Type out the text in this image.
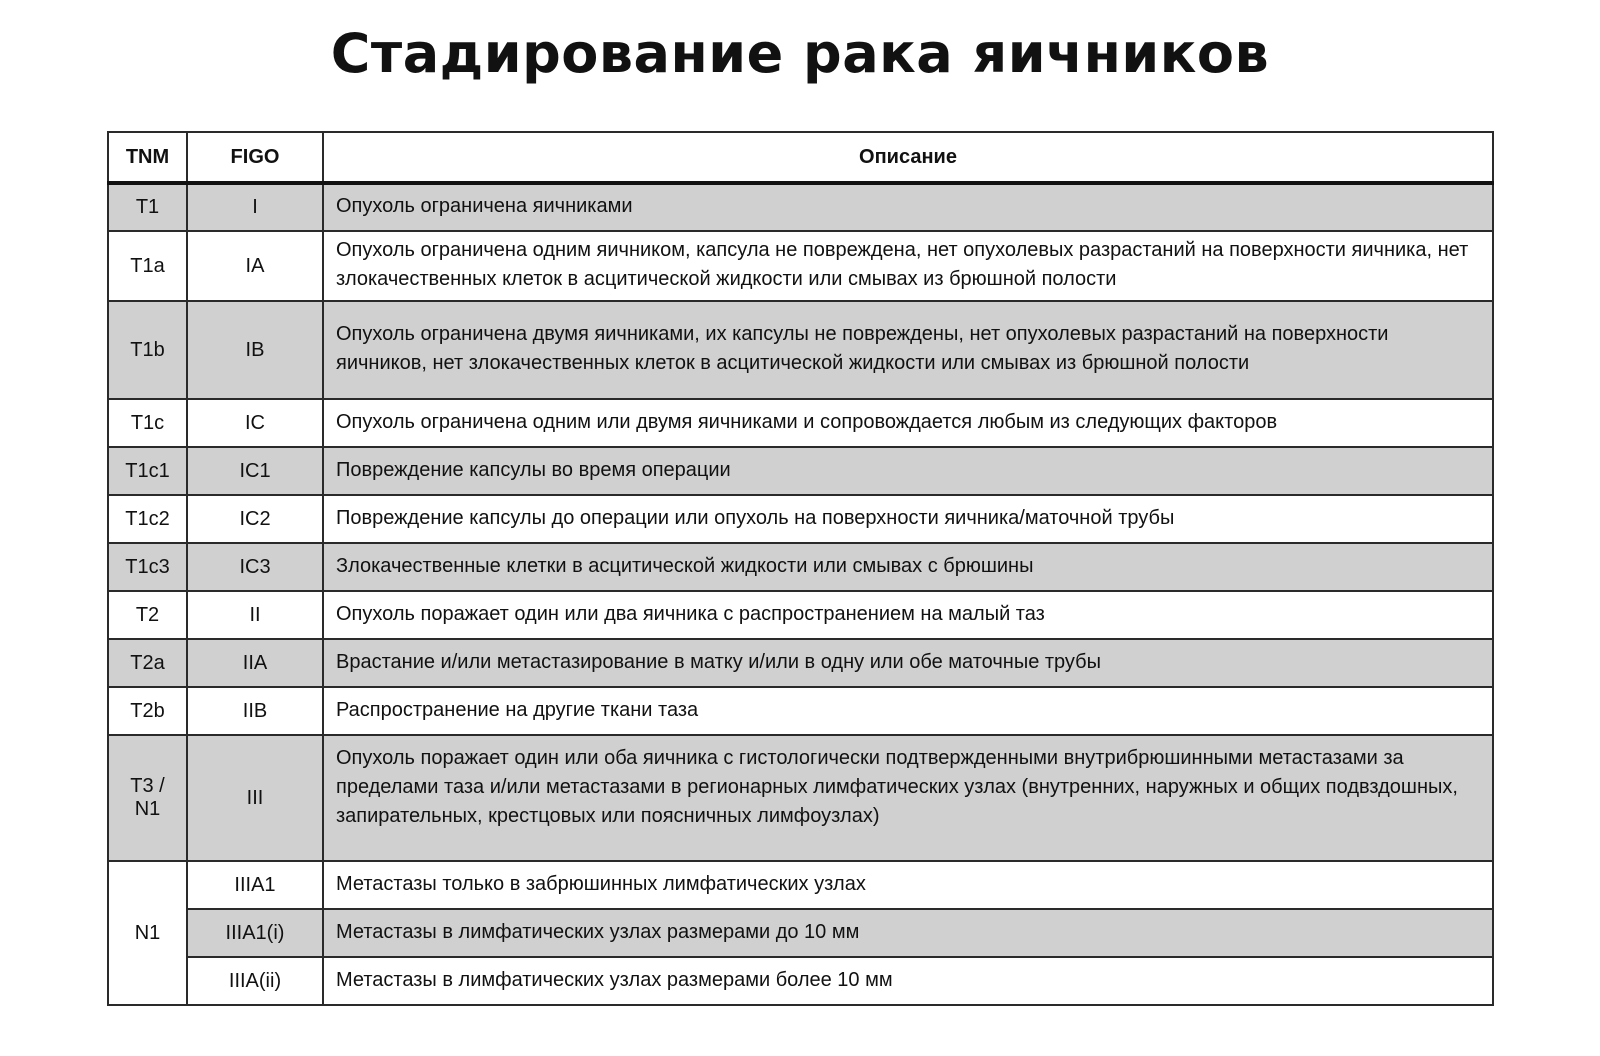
Стадирование рака яичников
TNM	FIGO	Описание
T1	I	Опухоль ограничена яичниками
T1a	IA	Опухоль ограничена одним яичником, капсула не повреждена, нет опухолевых разрастаний на поверхности яичника, нет злокачественных клеток в асцитической жидкости или смывах из брюшной полости
T1b	IB	Опухоль ограничена двумя яичниками, их капсулы не повреждены, нет опухолевых разрастаний на поверхности яичников, нет злокачественных клеток в асцитической жидкости или смывах из брюшной полости
T1c	IC	Опухоль ограничена одним или двумя яичниками и сопровождается любым из следующих факторов
T1c1	IC1	Повреждение капсулы во время операции
T1c2	IC2	Повреждение капсулы до операции или опухоль на поверхности яичника/маточной трубы
T1c3	IC3	Злокачественные клетки в асцитической жидкости или смывах с брюшины
T2	II	Опухоль поражает один или два яичника с распространением на малый таз
T2a	IIA	Врастание и/или метастазирование в матку и/или в одну или обе маточные трубы
T2b	IIB	Распространение на другие ткани таза

T3 /
N1	III	Опухоль поражает один или оба яичника с гистологически подтвержденными внутрибрюшинными метастазами за пределами таза и/или метастазами в регионарных лимфатических узлах (внутренних, наружных и общих подвздошных, запирательных, крестцовых или поясничных лимфоузлах)
N1	IIIA1	Метастазы только в забрюшинных лимфатических узлах
	IIIA1(i)	Метастазы в лимфатических узлах размерами до 10 мм
	IIIA(ii)	Метастазы в лимфатических узлах размерами более 10 мм
